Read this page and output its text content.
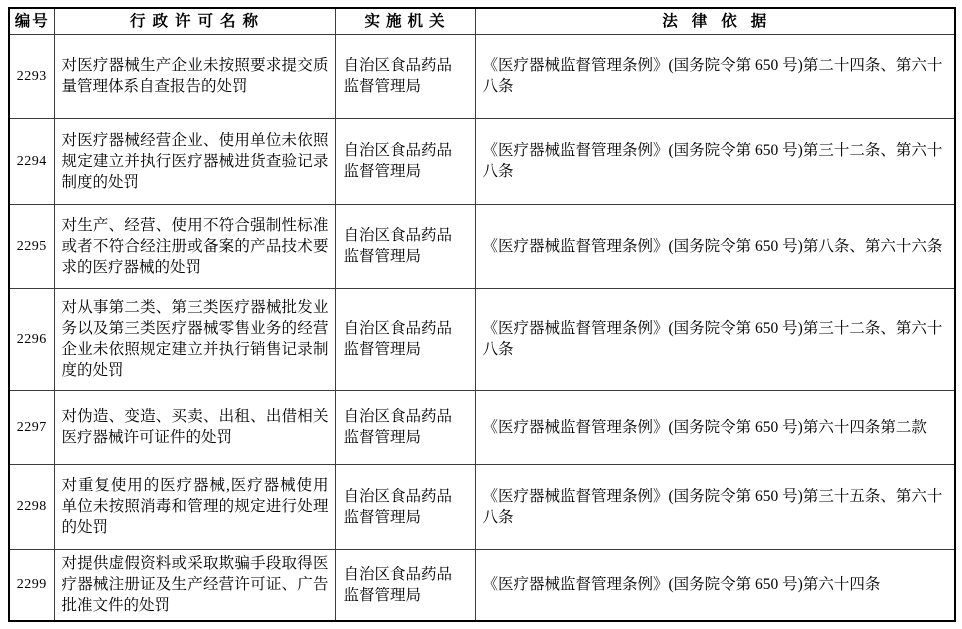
编号	行政许可名称	实施机关	法律依据
2293	对医疗器械生产企业未按照要求提交质量管理体系自查报告的处罚	自治区食品药品监督管理局	《医疗器械监督管理条例》(国务院令第 650 号)第二十四条、第六十八条
2294	对医疗器械经营企业、使用单位未依照规定建立并执行医疗器械进货查验记录制度的处罚	自治区食品药品监督管理局	《医疗器械监督管理条例》(国务院令第 650 号)第三十二条、第六十八条
2295	对生产、经营、使用不符合强制性标准或者不符合经注册或备案的产品技术要求的医疗器械的处罚	自治区食品药品监督管理局	《医疗器械监督管理条例》(国务院令第 650 号)第八条、第六十六条
2296	对从事第二类、第三类医疗器械批发业务以及第三类医疗器械零售业务的经营企业未依照规定建立并执行销售记录制度的处罚	自治区食品药品监督管理局	《医疗器械监督管理条例》(国务院令第 650 号)第三十二条、第六十八条
2297	对伪造、变造、买卖、出租、出借相关医疗器械许可证件的处罚	自治区食品药品监督管理局	《医疗器械监督管理条例》(国务院令第 650 号)第六十四条第二款
2298	对重复使用的医疗器械,医疗器械使用单位未按照消毒和管理的规定进行处理的处罚	自治区食品药品监督管理局	《医疗器械监督管理条例》(国务院令第 650 号)第三十五条、第六十八条
2299	对提供虚假资料或采取欺骗手段取得医疗器械注册证及生产经营许可证、广告批准文件的处罚	自治区食品药品监督管理局	《医疗器械监督管理条例》(国务院令第 650 号)第六十四条
